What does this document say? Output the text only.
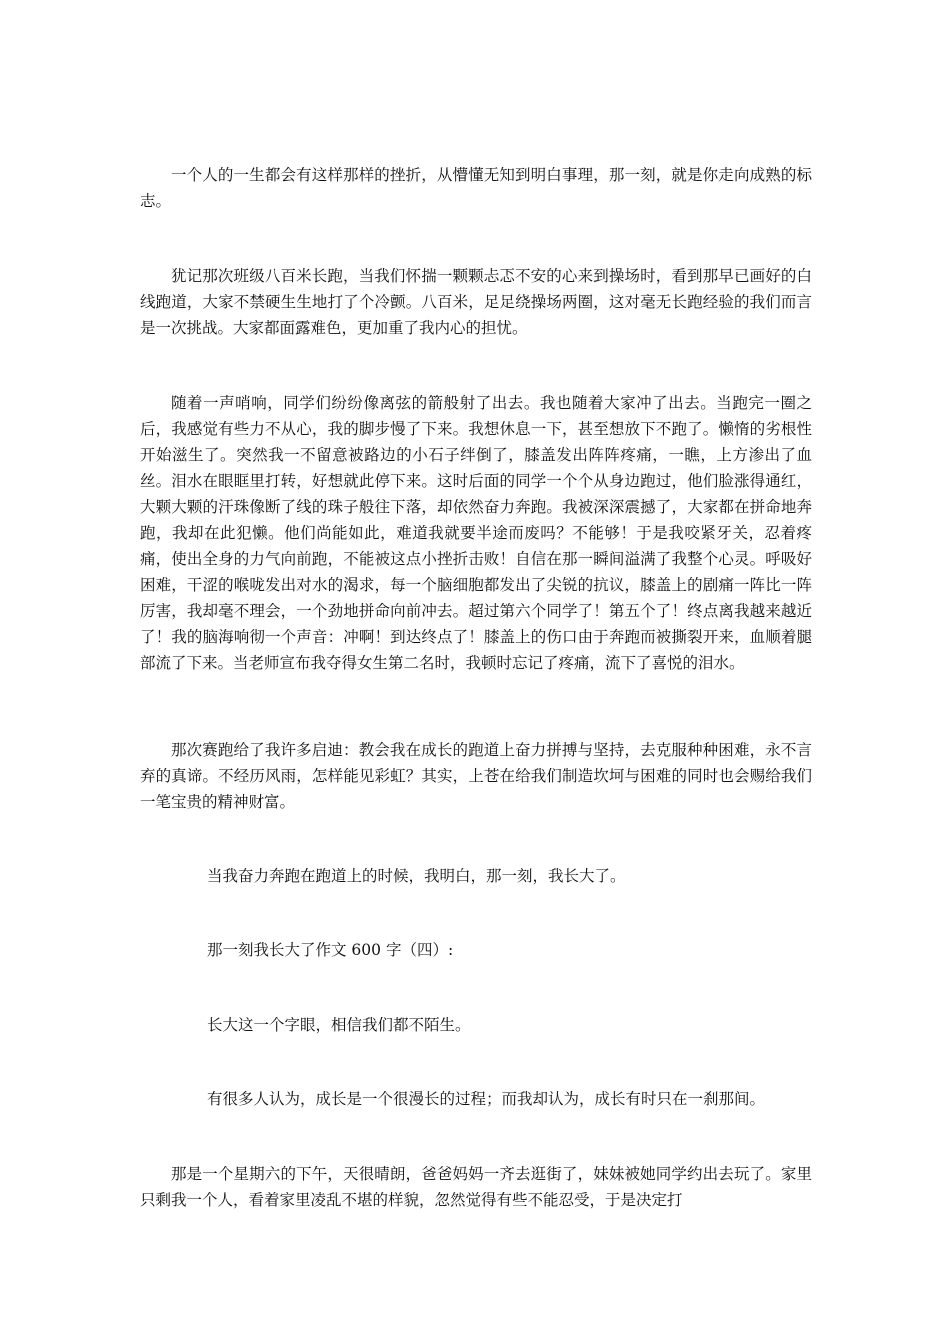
一个人的一生都会有这样那样的挫折，从懵懂无知到明白事理，那一刻，就是你走向成熟的标志。

犹记那次班级八百米长跑，当我们怀揣一颗颗忐忑不安的心来到操场时，看到那早已画好的白线跑道，大家不禁硬生生地打了个冷颤。八百米，足足绕操场两圈，这对毫无长跑经验的我们而言是一次挑战。大家都面露难色，更加重了我内心的担忧。

随着一声哨响，同学们纷纷像离弦的箭般射了出去。我也随着大家冲了出去。当跑完一圈之后，我感觉有些力不从心，我的脚步慢了下来。我想休息一下，甚至想放下不跑了。懒惰的劣根性开始滋生了。突然我一不留意被路边的小石子绊倒了，膝盖发出阵阵疼痛，一瞧，上方渗出了血丝。泪水在眼眶里打转，好想就此停下来。这时后面的同学一个个从身边跑过，他们脸涨得通红，大颗大颗的汗珠像断了线的珠子般往下落，却依然奋力奔跑。我被深深震撼了，大家都在拼命地奔跑，我却在此犯懒。他们尚能如此，难道我就要半途而废吗？不能够！于是我咬紧牙关，忍着疼痛，使出全身的力气向前跑，不能被这点小挫折击败！自信在那一瞬间溢满了我整个心灵。呼吸好困难，干涩的喉咙发出对水的渴求，每一个脑细胞都发出了尖锐的抗议，膝盖上的剧痛一阵比一阵厉害，我却毫不理会，一个劲地拼命向前冲去。超过第六个同学了！第五个了！终点离我越来越近了！我的脑海响彻一个声音：冲啊！到达终点了！膝盖上的伤口由于奔跑而被撕裂开来，血顺着腿部流了下来。当老师宣布我夺得女生第二名时，我顿时忘记了疼痛，流下了喜悦的泪水。

那次赛跑给了我许多启迪：教会我在成长的跑道上奋力拼搏与坚持，去克服种种困难，永不言弃的真谛。不经历风雨，怎样能见彩虹？其实，上苍在给我们制造坎坷与困难的同时也会赐给我们一笔宝贵的精神财富。

当我奋力奔跑在跑道上的时候，我明白，那一刻，我长大了。

那一刻我长大了作文 600 字（四）:

长大这一个字眼，相信我们都不陌生。

有很多人认为，成长是一个很漫长的过程；而我却认为，成长有时只在一刹那间。

那是一个星期六的下午，天很晴朗，爸爸妈妈一齐去逛街了，妹妹被她同学约出去玩了。家里只剩我一个人，看着家里凌乱不堪的样貌，忽然觉得有些不能忍受，于是决定打
